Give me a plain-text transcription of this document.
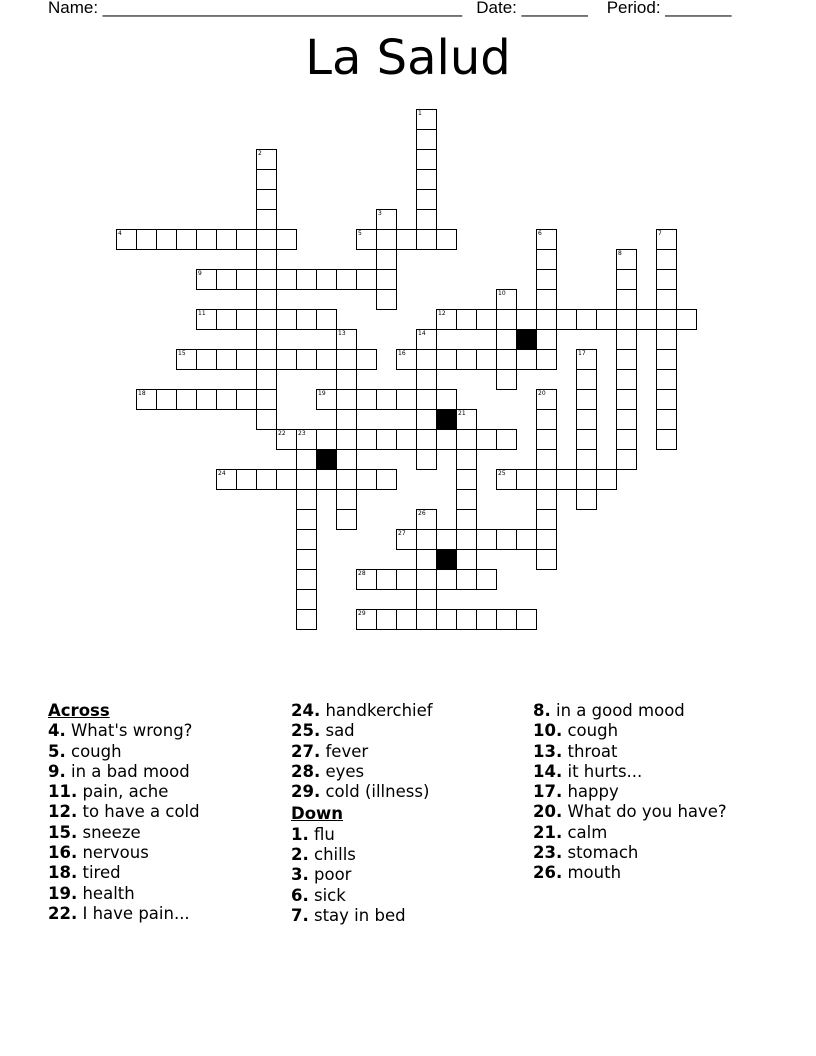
Name: ______________________________________ Date: _______ Period: _______
La Salud
4	5
9
11	12
15	16
18	19
22 23
24	25
27
28
29
1
2
3
6	7
8
10
13	14
17
20
21
26
Across
4. What's wrong?
5. cough
9. in a bad mood
11. pain, ache
12. to have a cold
15. sneeze
16. nervous
18. tired
19. health
22. I have pain...
24. handkerchief
25. sad
27. fever
28. eyes
29. cold (illness)
Down
1. flu
2. chills
3. poor
6. sick
7. stay in bed
8. in a good mood
10. cough
13. throat
14. it hurts...
17. happy
20. What do you have?
21. calm
23. stomach
26. mouth
